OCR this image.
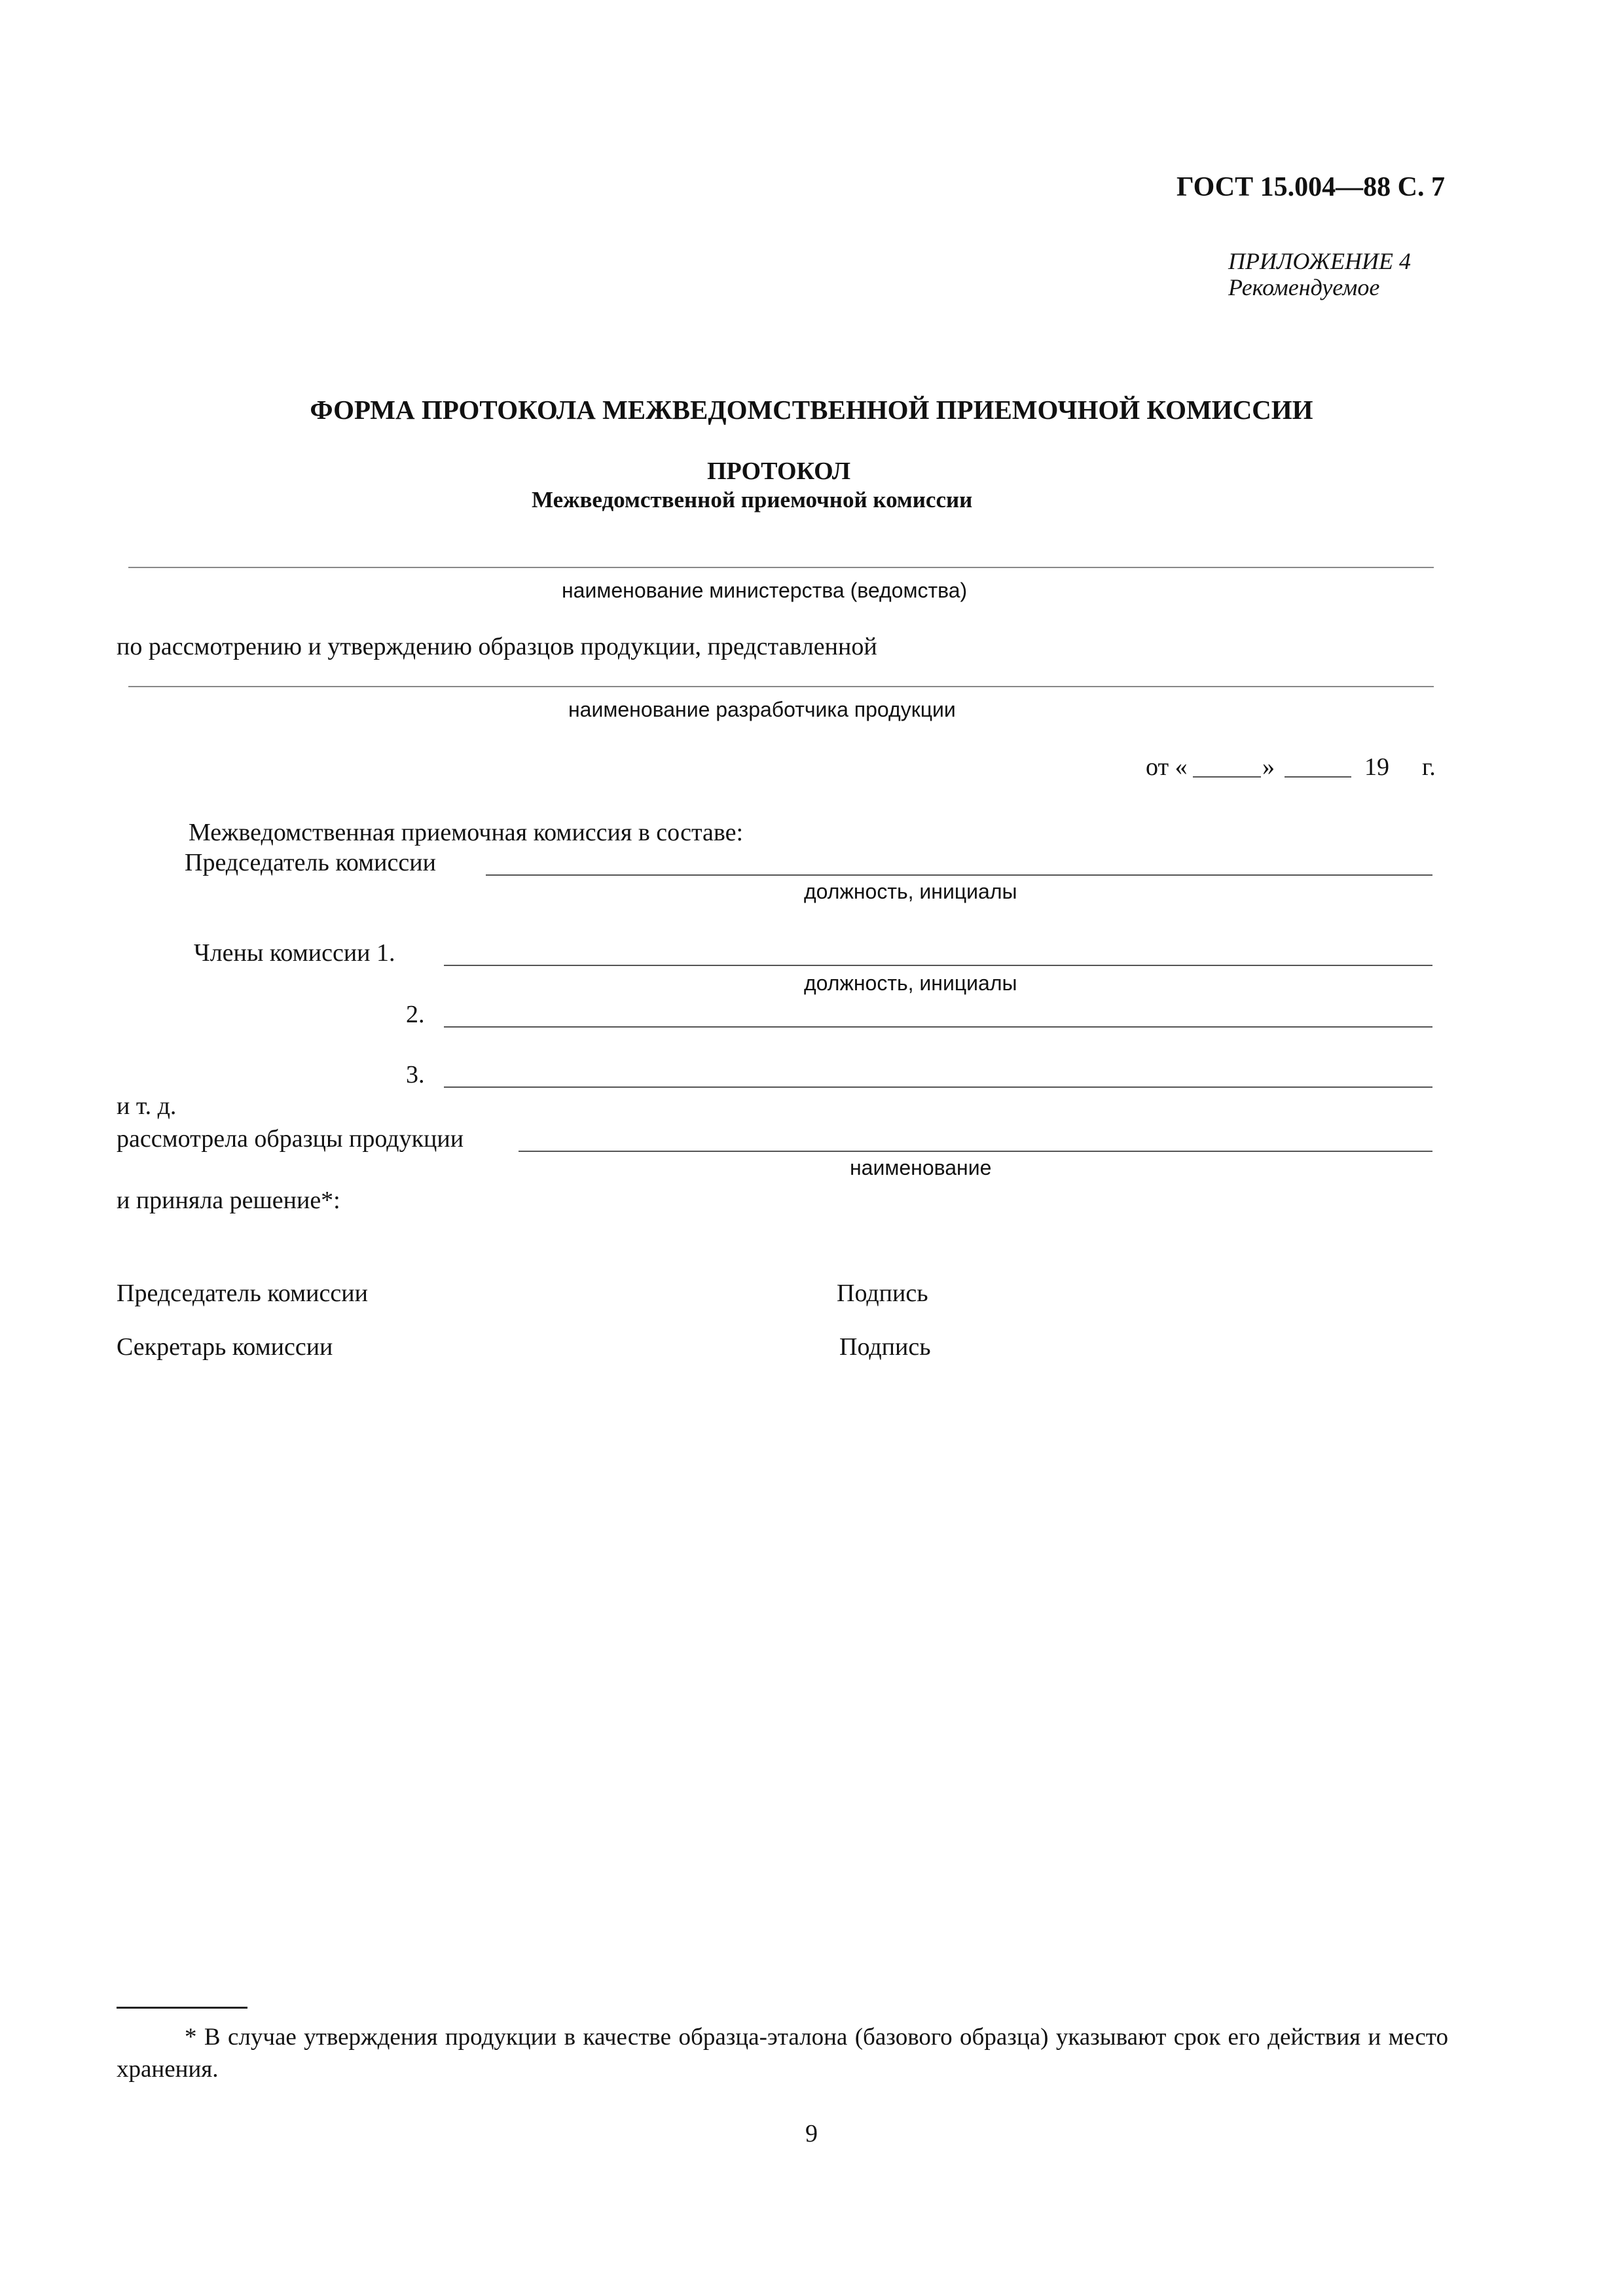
ГОСТ 15.004—88 С. 7
ПРИЛОЖЕНИЕ 4
Рекомендуемое
ФОРМА ПРОТОКОЛА МЕЖВЕДОМСТВЕННОЙ ПРИЕМОЧНОЙ КОМИССИИ
ПРОТОКОЛ
Межведомственной приемочной комиссии
наименование министерства (ведомства)
по рассмотрению и утверждению образцов продукции, представленной
наименование разработчика продукции
от «	»	19 г.
Межведомственная приемочная комиссия в составе:
Председатель комиссии
должность, инициалы
Члены комиссии 1.
должность, инициалы
2.
3.
и т. д.
рассмотрела образцы продукции
наименование
и приняла решение*:
Председатель комиссии	Подпись
Секретарь комиссии	Подпись
* В случае утверждения продукции в качестве образца-эталона (базового образца) указывают срок его действия и место хранения.
9
